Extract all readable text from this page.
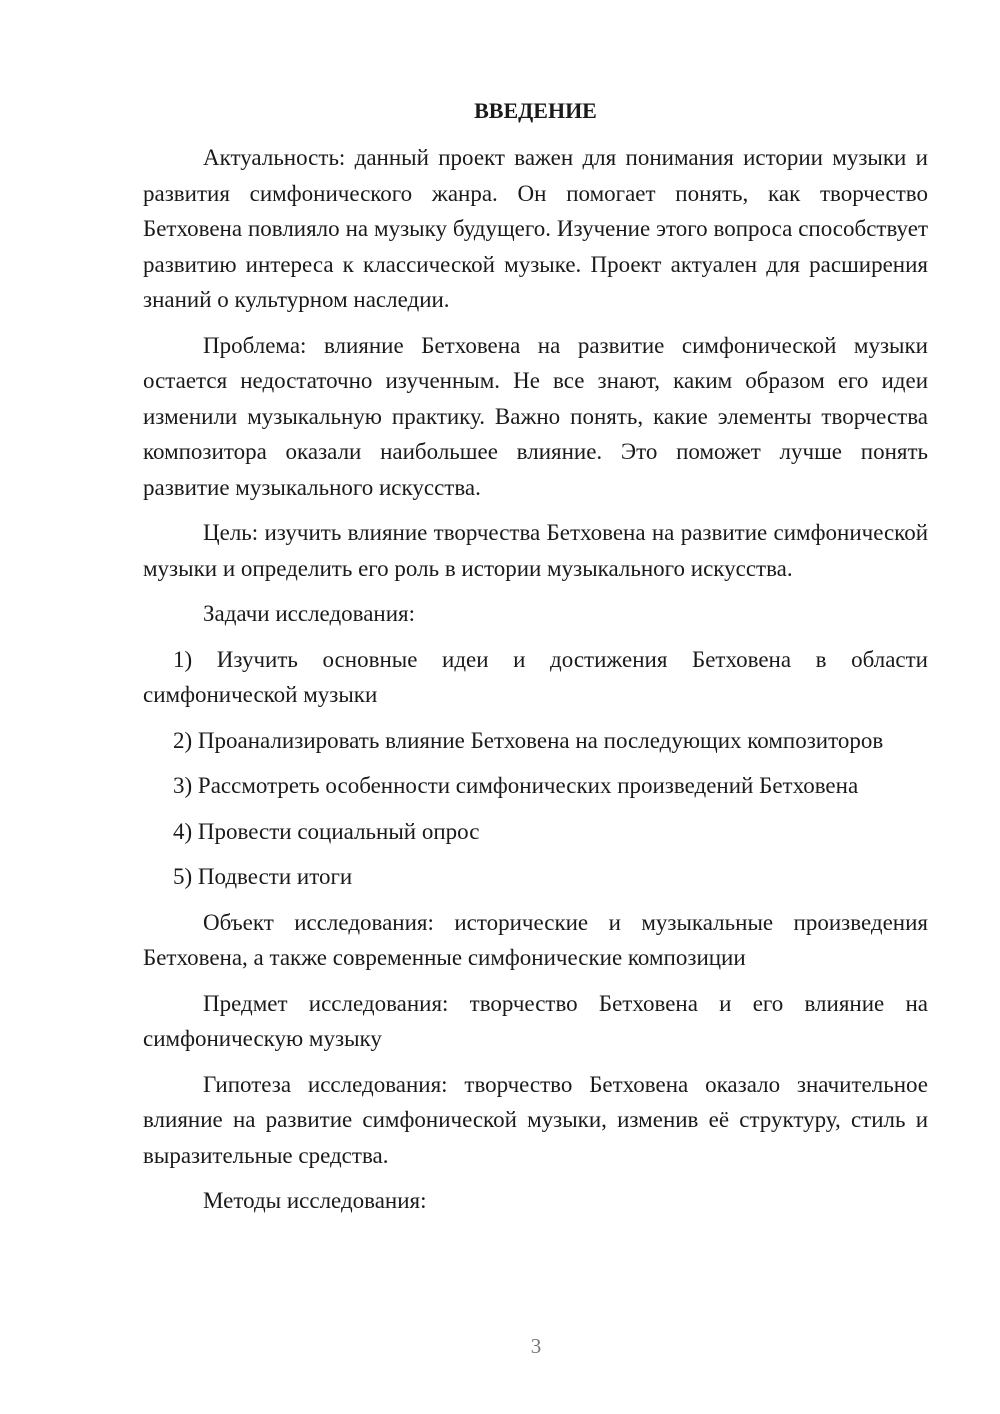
ВВЕДЕНИЕ

Актуальность: данный проект важен для понимания истории музыки и развития симфонического жанра. Он помогает понять, как творчество Бетховена повлияло на музыку будущего. Изучение этого вопроса способствует развитию интереса к классической музыке. Проект актуален для расширения знаний о культурном наследии.

Проблема: влияние Бетховена на развитие симфонической музыки остается недостаточно изученным. Не все знают, каким образом его идеи изменили музыкальную практику. Важно понять, какие элементы творчества композитора оказали наибольшее влияние. Это поможет лучше понять развитие музыкального искусства.

Цель: изучить влияние творчества Бетховена на развитие симфонической музыки и определить его роль в истории музыкального искусства.

Задачи исследования:

1) Изучить основные идеи и достижения Бетховена в области симфонической музыки

2) Проанализировать влияние Бетховена на последующих композиторов

3) Рассмотреть особенности симфонических произведений Бетховена

4) Провести социальный опрос

5) Подвести итоги

Объект исследования: исторические и музыкальные произведения Бетховена, а также современные симфонические композиции

Предмет исследования: творчество Бетховена и его влияние на симфоническую музыку

Гипотеза исследования: творчество Бетховена оказало значительное влияние на развитие симфонической музыки, изменив её структуру, стиль и выразительные средства.

Методы исследования:

3
